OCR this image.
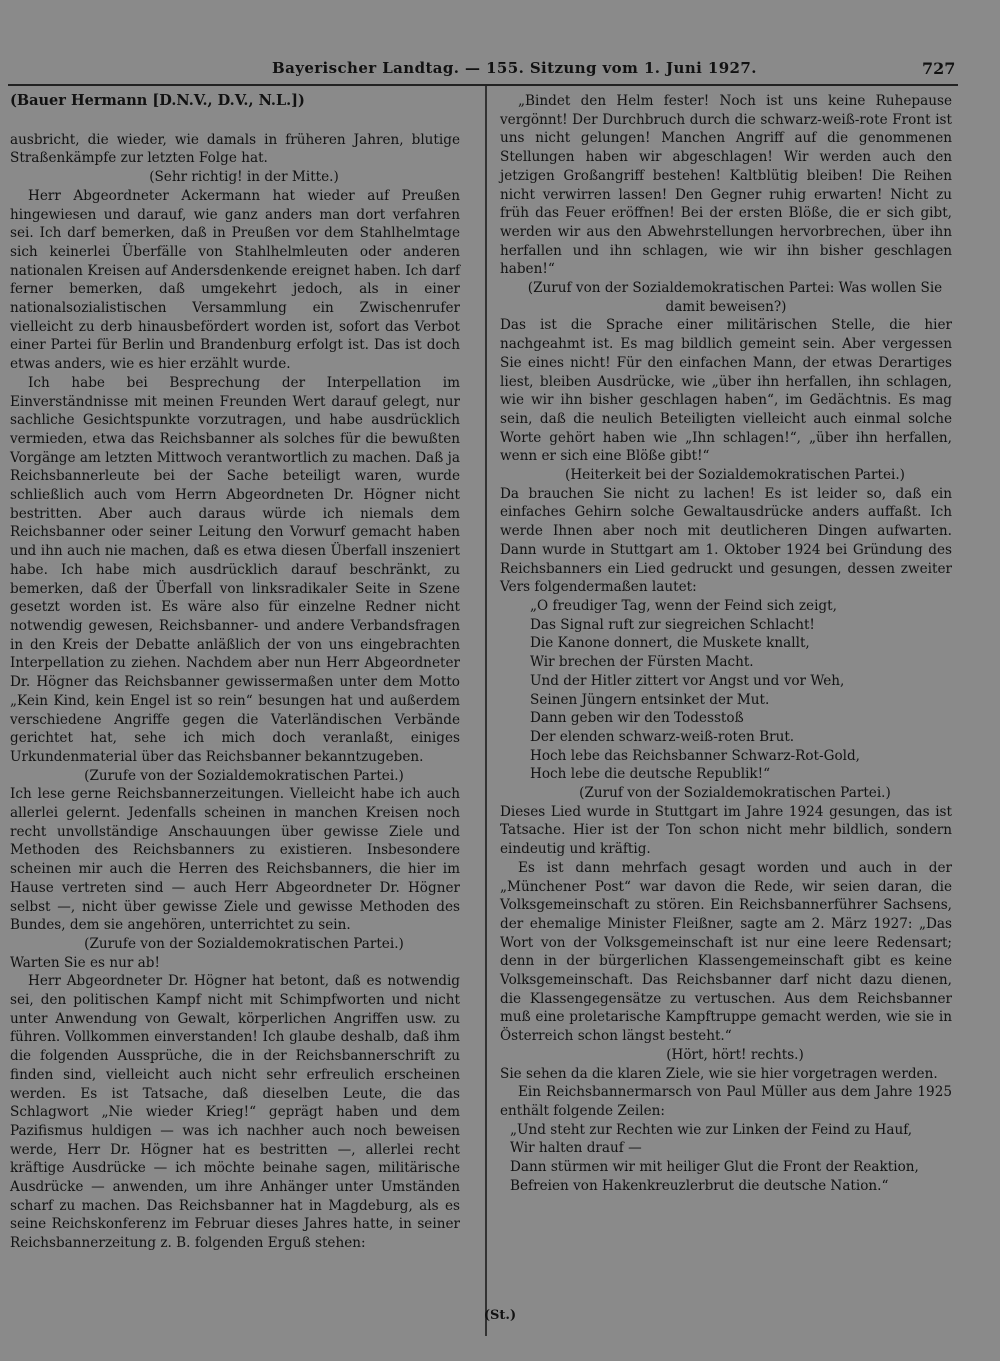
Bayerischer Landtag. — 155. Sitzung vom 1. Juni 1927.	727
(Bauer Hermann [D.N.V., D.V., N.L.])

ausbricht, die wieder, wie damals in früheren Jahren, blutige Straßenkämpfe zur letzten Folge hat.

(Sehr richtig! in der Mitte.)

Herr Abgeordneter Ackermann hat wieder auf Preußen hingewiesen und darauf, wie ganz anders man dort verfahren sei. Ich darf bemerken, daß in Preußen vor dem Stahlhelmtage sich keinerlei Überfälle von Stahlhelmleuten oder anderen nationalen Kreisen auf Andersdenkende ereignet haben. Ich darf ferner bemerken, daß umgekehrt jedoch, als in einer nationalsozialistischen Versammlung ein Zwischenrufer vielleicht zu derb hinausbefördert worden ist, sofort das Verbot einer Partei für Berlin und Brandenburg erfolgt ist. Das ist doch etwas anders, wie es hier erzählt wurde.

Ich habe bei Besprechung der Interpellation im Einverständnisse mit meinen Freunden Wert darauf gelegt, nur sachliche Gesichtspunkte vorzutragen, und habe ausdrücklich vermieden, etwa das Reichsbanner als solches für die bewußten Vorgänge am letzten Mittwoch verantwortlich zu machen. Daß ja Reichsbannerleute bei der Sache beteiligt waren, wurde schließlich auch vom Herrn Abgeordneten Dr. Högner nicht bestritten. Aber auch daraus würde ich niemals dem Reichsbanner oder seiner Leitung den Vorwurf gemacht haben und ihn auch nie machen, daß es etwa diesen Überfall inszeniert habe. Ich habe mich ausdrücklich darauf beschränkt, zu bemerken, daß der Überfall von linksradikaler Seite in Szene gesetzt worden ist. Es wäre also für einzelne Redner nicht notwendig gewesen, Reichsbanner- und andere Verbandsfragen in den Kreis der Debatte anläßlich der von uns eingebrachten Interpellation zu ziehen. Nachdem aber nun Herr Abgeordneter Dr. Högner das Reichsbanner gewissermaßen unter dem Motto „Kein Kind, kein Engel ist so rein“ besungen hat und außerdem verschiedene Angriffe gegen die Vaterländischen Verbände gerichtet hat, sehe ich mich doch veranlaßt, einiges Urkundenmaterial über das Reichsbanner bekanntzugeben.

(Zurufe von der Sozialdemokratischen Partei.)

Ich lese gerne Reichsbannerzeitungen. Vielleicht habe ich auch allerlei gelernt. Jedenfalls scheinen in manchen Kreisen noch recht unvollständige Anschauungen über gewisse Ziele und Methoden des Reichsbanners zu existieren. Insbesondere scheinen mir auch die Herren des Reichsbanners, die hier im Hause vertreten sind — auch Herr Abgeordneter Dr. Högner selbst —, nicht über gewisse Ziele und gewisse Methoden des Bundes, dem sie angehören, unterrichtet zu sein.

(Zurufe von der Sozialdemokratischen Partei.)

Warten Sie es nur ab!

Herr Abgeordneter Dr. Högner hat betont, daß es notwendig sei, den politischen Kampf nicht mit Schimpfworten und nicht unter Anwendung von Gewalt, körperlichen Angriffen usw. zu führen. Vollkommen einverstanden! Ich glaube deshalb, daß ihm die folgenden Aussprüche, die in der Reichsbannerschrift zu finden sind, vielleicht auch nicht sehr erfreulich erscheinen werden. Es ist Tatsache, daß dieselben Leute, die das Schlagwort „Nie wieder Krieg!“ geprägt haben und dem Pazifismus huldigen — was ich nachher auch noch beweisen werde, Herr Dr. Högner hat es bestritten —, allerlei recht kräftige Ausdrücke — ich möchte beinahe sagen, militärische Ausdrücke — anwenden, um ihre Anhänger unter Umständen scharf zu machen. Das Reichsbanner hat in Magdeburg, als es seine Reichskonferenz im Februar dieses Jahres hatte, in seiner Reichsbannerzeitung z. B. folgenden Erguß stehen:

„Bindet den Helm fester! Noch ist uns keine Ruhepause vergönnt! Der Durchbruch durch die schwarz-weiß-rote Front ist uns nicht gelungen! Manchen Angriff auf die genommenen Stellungen haben wir abgeschlagen! Wir werden auch den jetzigen Großangriff bestehen! Kaltblütig bleiben! Die Reihen nicht verwirren lassen! Den Gegner ruhig erwarten! Nicht zu früh das Feuer eröffnen! Bei der ersten Blöße, die er sich gibt, werden wir aus den Abwehrstellungen hervorbrechen, über ihn herfallen und ihn schlagen, wie wir ihn bisher geschlagen haben!“

(Zuruf von der Sozialdemokratischen Partei: Was wollen Sie damit beweisen?)

Das ist die Sprache einer militärischen Stelle, die hier nachgeahmt ist. Es mag bildlich gemeint sein. Aber vergessen Sie eines nicht! Für den einfachen Mann, der etwas Derartiges liest, bleiben Ausdrücke, wie „über ihn herfallen, ihn schlagen, wie wir ihn bisher geschlagen haben“, im Gedächtnis. Es mag sein, daß die neulich Beteiligten vielleicht auch einmal solche Worte gehört haben wie „Ihn schlagen!“, „über ihn herfallen, wenn er sich eine Blöße gibt!“

(Heiterkeit bei der Sozialdemokratischen Partei.)

Da brauchen Sie nicht zu lachen! Es ist leider so, daß ein einfaches Gehirn solche Gewaltausdrücke anders auffaßt. Ich werde Ihnen aber noch mit deutlicheren Dingen aufwarten. Dann wurde in Stuttgart am 1. Oktober 1924 bei Gründung des Reichsbanners ein Lied gedruckt und gesungen, dessen zweiter Vers folgendermaßen lautet:

„O freudiger Tag, wenn der Feind sich zeigt,
Das Signal ruft zur siegreichen Schlacht!
Die Kanone donnert, die Muskete knallt,
Wir brechen der Fürsten Macht.
Und der Hitler zittert vor Angst und vor Weh,
Seinen Jüngern entsinket der Mut.
Dann geben wir den Todesstoß
Der elenden schwarz-weiß-roten Brut.
Hoch lebe das Reichsbanner Schwarz-Rot-Gold,
Hoch lebe die deutsche Republik!“

(Zuruf von der Sozialdemokratischen Partei.)

Dieses Lied wurde in Stuttgart im Jahre 1924 gesungen, das ist Tatsache. Hier ist der Ton schon nicht mehr bildlich, sondern eindeutig und kräftig.

Es ist dann mehrfach gesagt worden und auch in der „Münchener Post“ war davon die Rede, wir seien daran, die Volksgemeinschaft zu stören. Ein Reichsbannerführer Sachsens, der ehemalige Minister Fleißner, sagte am 2. März 1927: „Das Wort von der Volksgemeinschaft ist nur eine leere Redensart; denn in der bürgerlichen Klassengemeinschaft gibt es keine Volksgemeinschaft. Das Reichsbanner darf nicht dazu dienen, die Klassengegensätze zu vertuschen. Aus dem Reichsbanner muß eine proletarische Kampftruppe gemacht werden, wie sie in Österreich schon längst besteht.“

(Hört, hört! rechts.)

Sie sehen da die klaren Ziele, wie sie hier vorgetragen werden.

Ein Reichsbannermarsch von Paul Müller aus dem Jahre 1925 enthält folgende Zeilen:

„Und steht zur Rechten wie zur Linken der Feind zu Hauf,
Wir halten drauf —
Dann stürmen wir mit heiliger Glut die Front der Reaktion,
Befreien von Hakenkreuzlerbrut die deutsche Nation.“
(St.)
